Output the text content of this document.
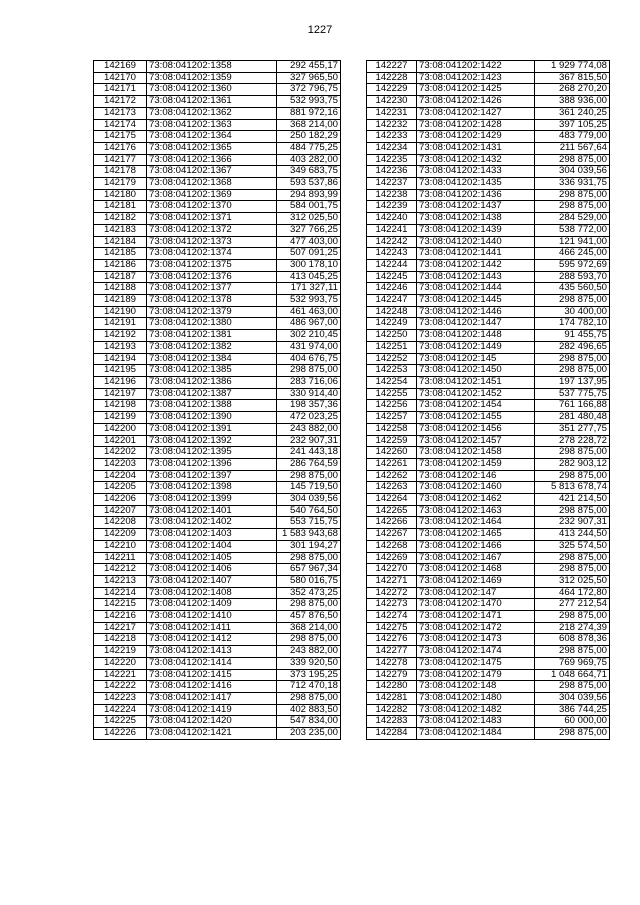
1227
142169	73:08:041202:1358	292 455,17
142170	73:08:041202:1359	327 965,50
142171	73:08:041202:1360	372 796,75
142172	73:08:041202:1361	532 993,75
142173	73:08:041202:1362	881 972,16
142174	73:08:041202:1363	368 214,00
142175	73:08:041202:1364	250 182,29
142176	73:08:041202:1365	484 775,25
142177	73:08:041202:1366	403 282,00
142178	73:08:041202:1367	349 683,75
142179	73:08:041202:1368	593 537,86
142180	73:08:041202:1369	294 893,99
142181	73:08:041202:1370	584 001,75
142182	73:08:041202:1371	312 025,50
142183	73:08:041202:1372	327 766,25
142184	73:08:041202:1373	477 403,00
142185	73:08:041202:1374	507 091,25
142186	73:08:041202:1375	300 178,10
142187	73:08:041202:1376	413 045,25
142188	73:08:041202:1377	171 327,11
142189	73:08:041202:1378	532 993,75
142190	73:08:041202:1379	461 463,00
142191	73:08:041202:1380	486 967,00
142192	73:08:041202:1381	302 210,45
142193	73:08:041202:1382	431 974,00
142194	73:08:041202:1384	404 676,75
142195	73:08:041202:1385	298 875,00
142196	73:08:041202:1386	283 716,06
142197	73:08:041202:1387	330 914,40
142198	73:08:041202:1388	198 357,36
142199	73:08:041202:1390	472 023,25
142200	73:08:041202:1391	243 882,00
142201	73:08:041202:1392	232 907,31
142202	73:08:041202:1395	241 443,18
142203	73:08:041202:1396	286 764,59
142204	73:08:041202:1397	298 875,00
142205	73:08:041202:1398	145 719,50
142206	73:08:041202:1399	304 039,56
142207	73:08:041202:1401	540 764,50
142208	73:08:041202:1402	553 715,75
142209	73:08:041202:1403	1 583 943,68
142210	73:08:041202:1404	301 194,27
142211	73:08:041202:1405	298 875,00
142212	73:08:041202:1406	657 967,34
142213	73:08:041202:1407	580 016,75
142214	73:08:041202:1408	352 473,25
142215	73:08:041202:1409	298 875,00
142216	73:08:041202:1410	457 876,50
142217	73:08:041202:1411	368 214,00
142218	73:08:041202:1412	298 875,00
142219	73:08:041202:1413	243 882,00
142220	73:08:041202:1414	339 920,50
142221	73:08:041202:1415	373 195,25
142222	73:08:041202:1416	712 470,18
142223	73:08:041202:1417	298 875,00
142224	73:08:041202:1419	402 883,50
142225	73:08:041202:1420	547 834,00
142226	73:08:041202:1421	203 235,00
142227	73:08:041202:1422	1 929 774,08
142228	73:08:041202:1423	367 815,50
142229	73:08:041202:1425	268 270,20
142230	73:08:041202:1426	388 936,00
142231	73:08:041202:1427	361 240,25
142232	73:08:041202:1428	397 105,25
142233	73:08:041202:1429	483 779,00
142234	73:08:041202:1431	211 567,64
142235	73:08:041202:1432	298 875,00
142236	73:08:041202:1433	304 039,56
142237	73:08:041202:1435	336 931,75
142238	73:08:041202:1436	298 875,00
142239	73:08:041202:1437	298 875,00
142240	73:08:041202:1438	284 529,00
142241	73:08:041202:1439	538 772,00
142242	73:08:041202:1440	121 941,00
142243	73:08:041202:1441	466 245,00
142244	73:08:041202:1442	595 972,69
142245	73:08:041202:1443	288 593,70
142246	73:08:041202:1444	435 560,50
142247	73:08:041202:1445	298 875,00
142248	73:08:041202:1446	30 400,00
142249	73:08:041202:1447	174 782,10
142250	73:08:041202:1448	91 455,75
142251	73:08:041202:1449	282 496,65
142252	73:08:041202:145	298 875,00
142253	73:08:041202:1450	298 875,00
142254	73:08:041202:1451	197 137,95
142255	73:08:041202:1452	537 775,75
142256	73:08:041202:1454	761 166,88
142257	73:08:041202:1455	281 480,48
142258	73:08:041202:1456	351 277,75
142259	73:08:041202:1457	278 228,72
142260	73:08:041202:1458	298 875,00
142261	73:08:041202:1459	282 903,12
142262	73:08:041202:146	298 875,00
142263	73:08:041202:1460	5 813 678,74
142264	73:08:041202:1462	421 214,50
142265	73:08:041202:1463	298 875,00
142266	73:08:041202:1464	232 907,31
142267	73:08:041202:1465	413 244,50
142268	73:08:041202:1466	325 574,50
142269	73:08:041202:1467	298 875,00
142270	73:08:041202:1468	298 875,00
142271	73:08:041202:1469	312 025,50
142272	73:08:041202:147	464 172,80
142273	73:08:041202:1470	277 212,54
142274	73:08:041202:1471	298 875,00
142275	73:08:041202:1472	218 274,39
142276	73:08:041202:1473	608 878,36
142277	73:08:041202:1474	298 875,00
142278	73:08:041202:1475	769 969,75
142279	73:08:041202:1479	1 048 664,71
142280	73:08:041202:148	298 875,00
142281	73:08:041202:1480	304 039,56
142282	73:08:041202:1482	386 744,25
142283	73:08:041202:1483	60 000,00
142284	73:08:041202:1484	298 875,00
